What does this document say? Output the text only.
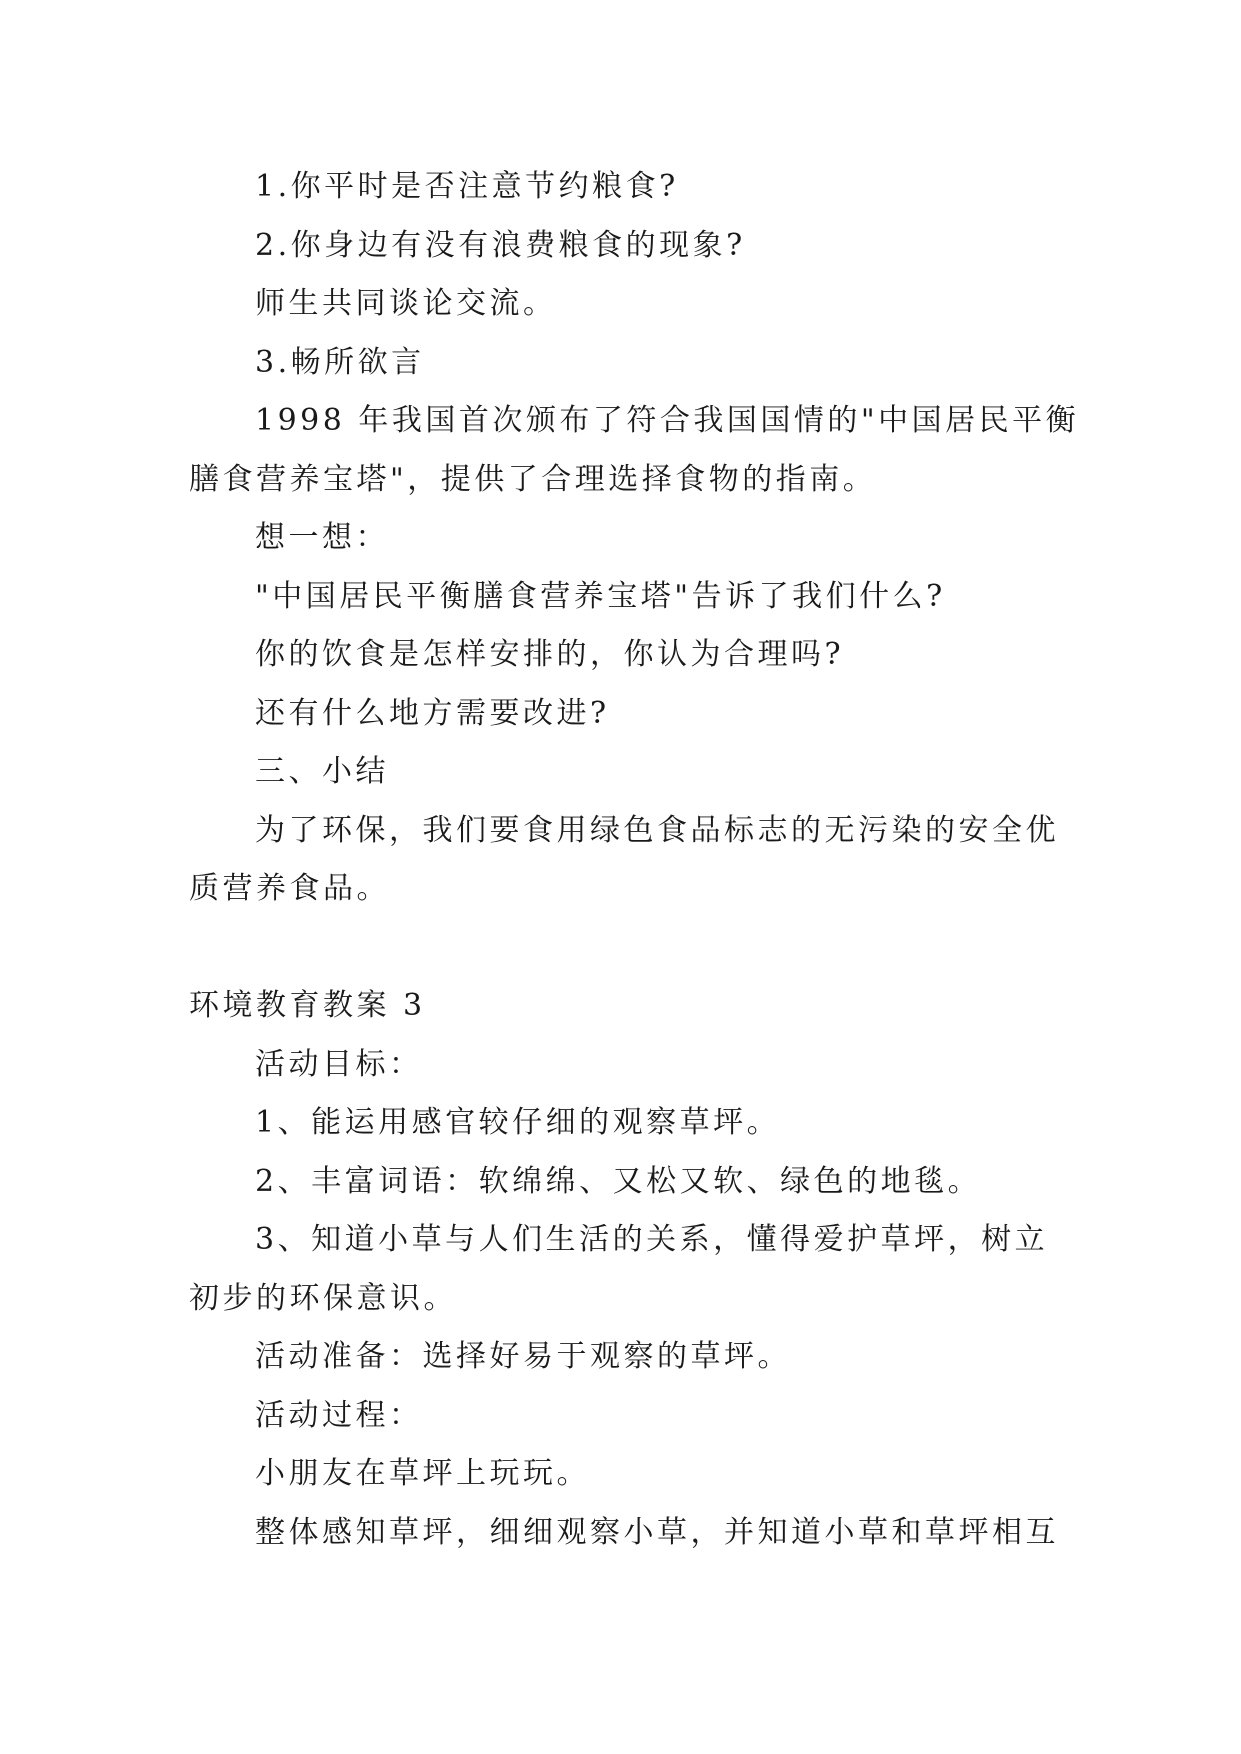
1.你平时是否注意节约粮食?

2.你身边有没有浪费粮食的现象?

师生共同谈论交流。

3.畅所欲言

1998 年我国首次颁布了符合我国国情的"中国居民平衡

膳食营养宝塔"，提供了合理选择食物的指南。

想一想：

"中国居民平衡膳食营养宝塔"告诉了我们什么?

你的饮食是怎样安排的，你认为合理吗?

还有什么地方需要改进?

三、小结

为了环保，我们要食用绿色食品标志的无污染的安全优

质营养食品。

环境教育教案 3

活动目标：

1、能运用感官较仔细的观察草坪。

2、丰富词语：软绵绵、又松又软、绿色的地毯。

3、知道小草与人们生活的关系，懂得爱护草坪，树立

初步的环保意识。

活动准备：选择好易于观察的草坪。

活动过程：

小朋友在草坪上玩玩。

整体感知草坪，细细观察小草，并知道小草和草坪相互
